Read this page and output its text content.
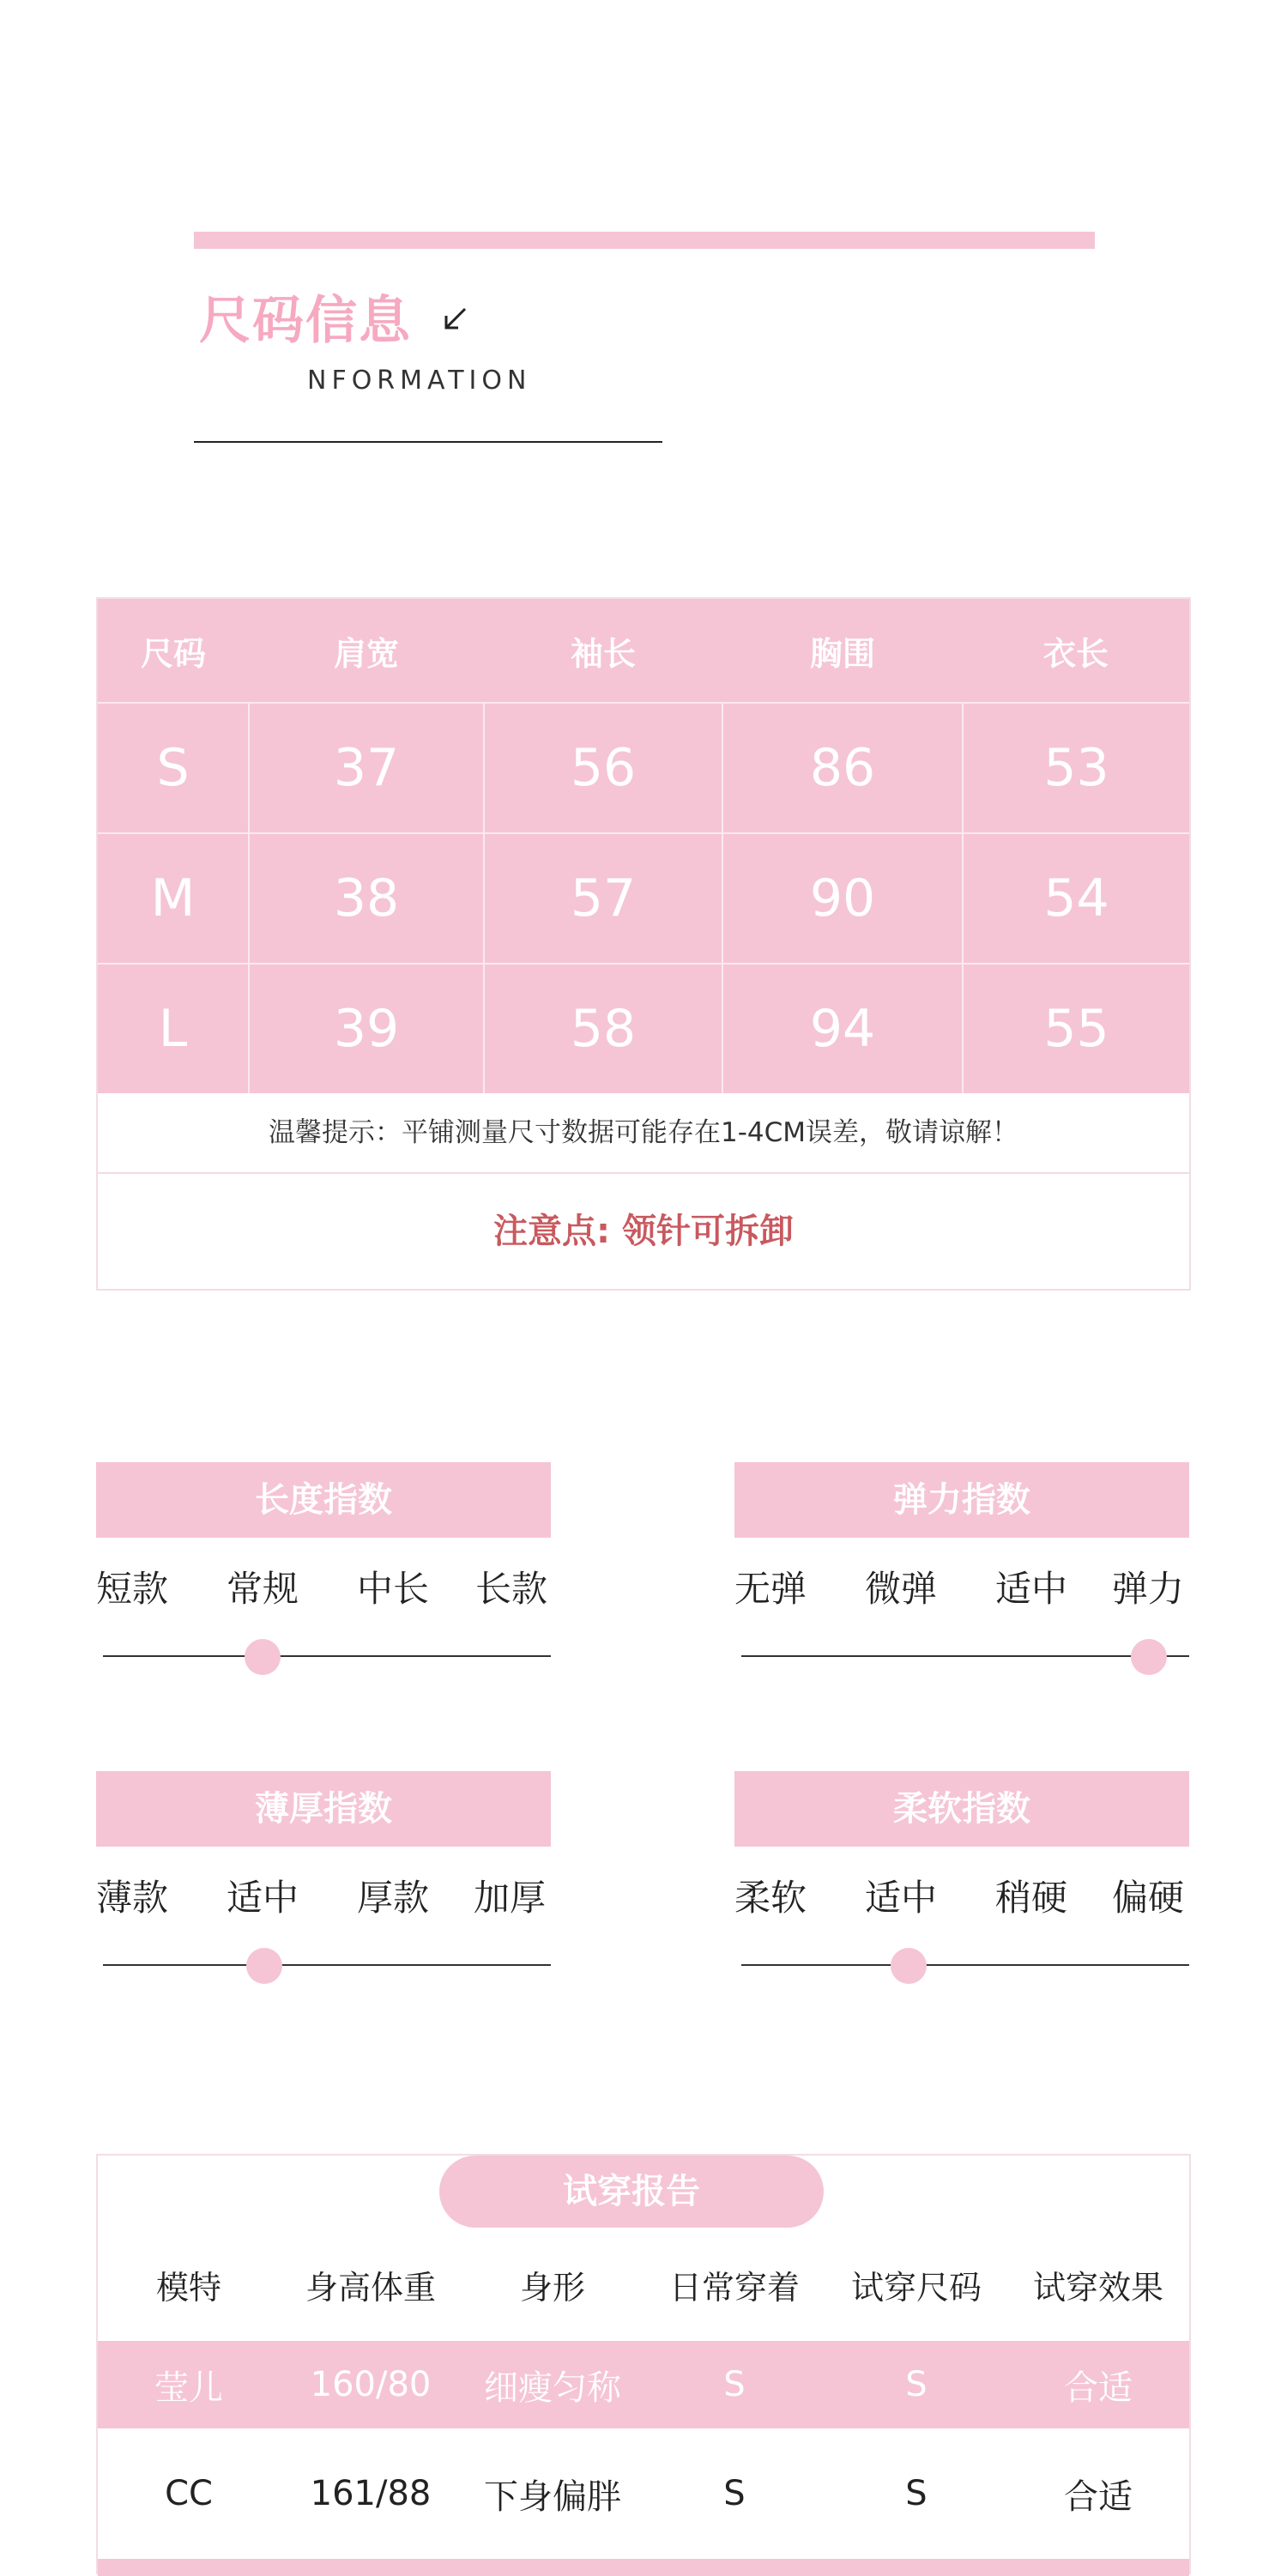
尺码信息
NFORMATION
尺码	肩宽	袖长	胸围	衣长
S	37	56	86	53
M	38	57	90	54
L	39	58	94	55
温馨提示：平铺测量尺寸数据可能存在1-4CM误差，敬请谅解！
注意点: 领针可拆卸
长度指数
短款 常规 中长 长款
弹力指数
无弹 微弹 适中 弹力
薄厚指数
薄款 适中 厚款 加厚
柔软指数
柔软 适中 稍硬 偏硬
试穿报告
模特	身高体重	身形	日常穿着	试穿尺码	试穿效果
莹儿	160/80	细瘦匀称	S	S	合适
CC	161/88	下身偏胖	S	S	合适
